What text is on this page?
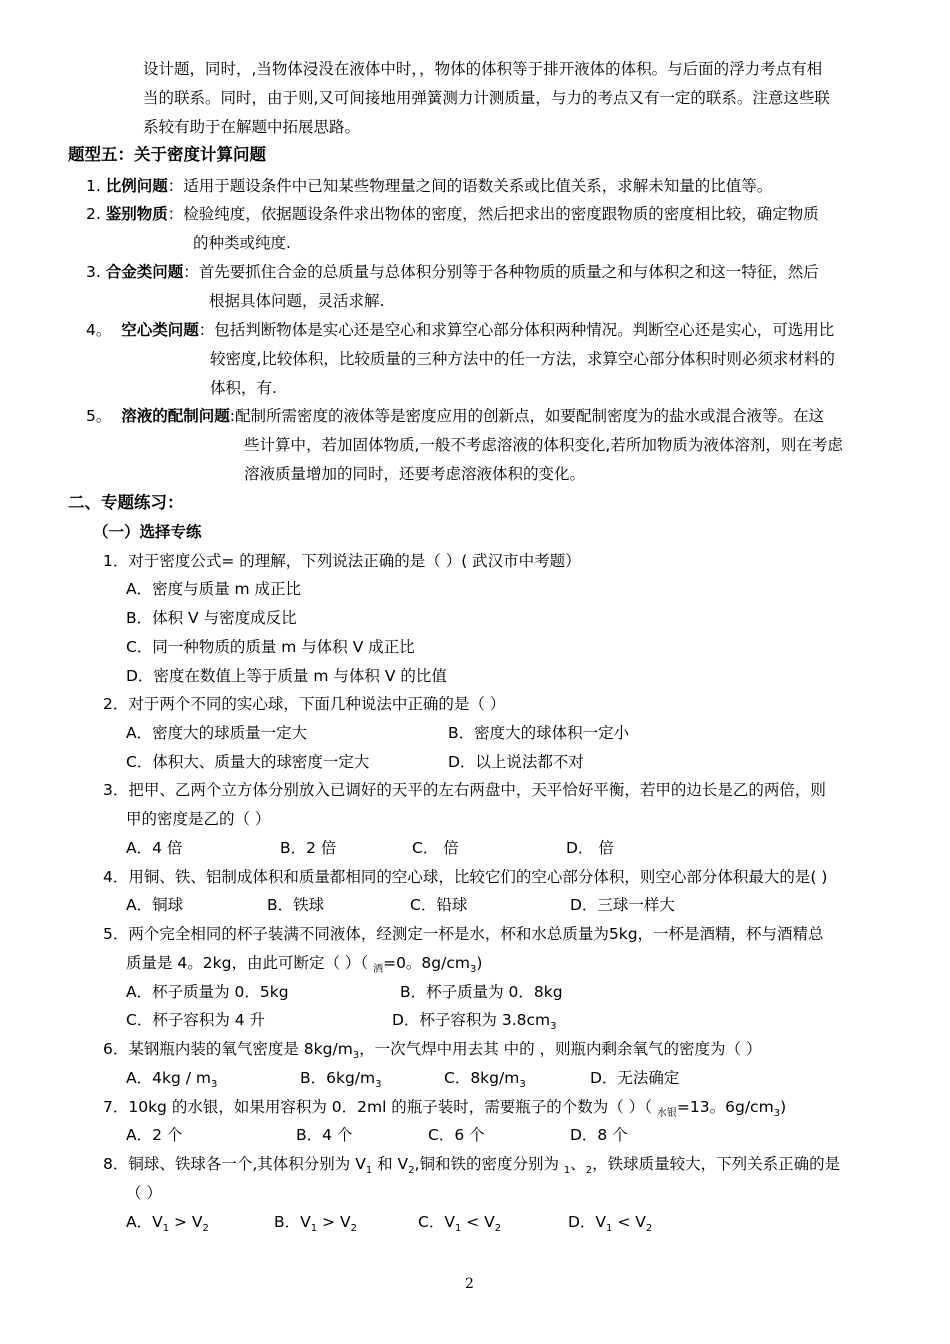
设计题，同时，,当物体浸没在液体中时，，物体的体积等于排开液体的体积。与后面的浮力考点有相
当的联系。同时，由于则,又可间接地用弹簧测力计测质量，与力的考点又有一定的联系。注意这些联
系较有助于在解题中拓展思路。
题型五：关于密度计算问题
1. 比例问题：适用于题设条件中已知某些物理量之间的语数关系或比值关系，求解未知量的比值等。
2. 鉴别物质：检验纯度，依据题设条件求出物体的密度，然后把求出的密度跟物质的密度相比较，确定物质
的种类或纯度.
3. 合金类问题：首先要抓住合金的总质量与总体积分别等于各种物质的质量之和与体积之和这一特征，然后
根据具体问题，灵活求解.
4。 空心类问题：包括判断物体是实心还是空心和求算空心部分体积两种情况。判断空心还是实心，可选用比
较密度,比较体积，比较质量的三种方法中的任一方法，求算空心部分体积时则必须求材料的
体积，有.
5。 溶液的配制问题:配制所需密度的液体等是密度应用的创新点，如要配制密度为的盐水或混合液等。在这
些计算中，若加固体物质,一般不考虑溶液的体积变化,若所加物质为液体溶剂，则在考虑
溶液质量增加的同时，还要考虑溶液体积的变化。
二、专题练习：
（一）选择专练
1．对于密度公式= 的理解，下列说法正确的是（ ）( 武汉市中考题）
A．密度与质量 m 成正比
B．体积 V 与密度成反比
C．同一种物质的质量 m 与体积 V 成正比
D．密度在数值上等于质量 m 与体积 V 的比值
2．对于两个不同的实心球，下面几种说法中正确的是（ ）
A．密度大的球质量一定大	B．密度大的球体积一定小
C．体积大、质量大的球密度一定大	D．以上说法都不对
3．把甲、乙两个立方体分别放入已调好的天平的左右两盘中，天平恰好平衡，若甲的边长是乙的两倍，则
甲的密度是乙的（ ）
A．4 倍	B．2 倍	C． 倍	D． 倍
4．用铜、铁、铝制成体积和质量都相同的空心球，比较它们的空心部分体积，则空心部分体积最大的是( )
A．铜球	B．铁球	C．铅球	D．三球一样大
5．两个完全相同的杯子装满不同液体，经测定一杯是水，杯和水总质量为5kg，一杯是酒精，杯与酒精总
质量是 4。2kg，由此可断定（ ）（ $_酒$=0。$8g/cm_3$)
A．杯子质量为 0．5kg	B．杯子质量为 0．8kg
C．杯子容积为 4 升	D．杯子容积为 $3.8cm_3$
6．某钢瓶内装的氧气密度是 $8kg/m_3$，一次气焊中用去其 中的 ，则瓶内剩余氧气的密度为（ ）
A．$4kg / m_3$	B．$6kg/m_3$	C．$8kg/m_3$	D．无法确定
7．10kg 的水银，如果用容积为 0．2ml 的瓶子装时，需要瓶子的个数为（ ）（ $_{水银}$=13。$6g/cm_3$)
A．2 个	B．4 个	C．6 个	D．8 个
8．铜球、铁球各一个,其体积分别为 $V_1$ 和 $V_2$,铜和铁的密度分别为 $_1$、$_2$，铁球质量较大，下列关系正确的是
（ ）
A．$V_1 > V_2$	B．$V_1 > V_2$	C．$V_1 < V_2$	D．$V_1 < V_2$
2
